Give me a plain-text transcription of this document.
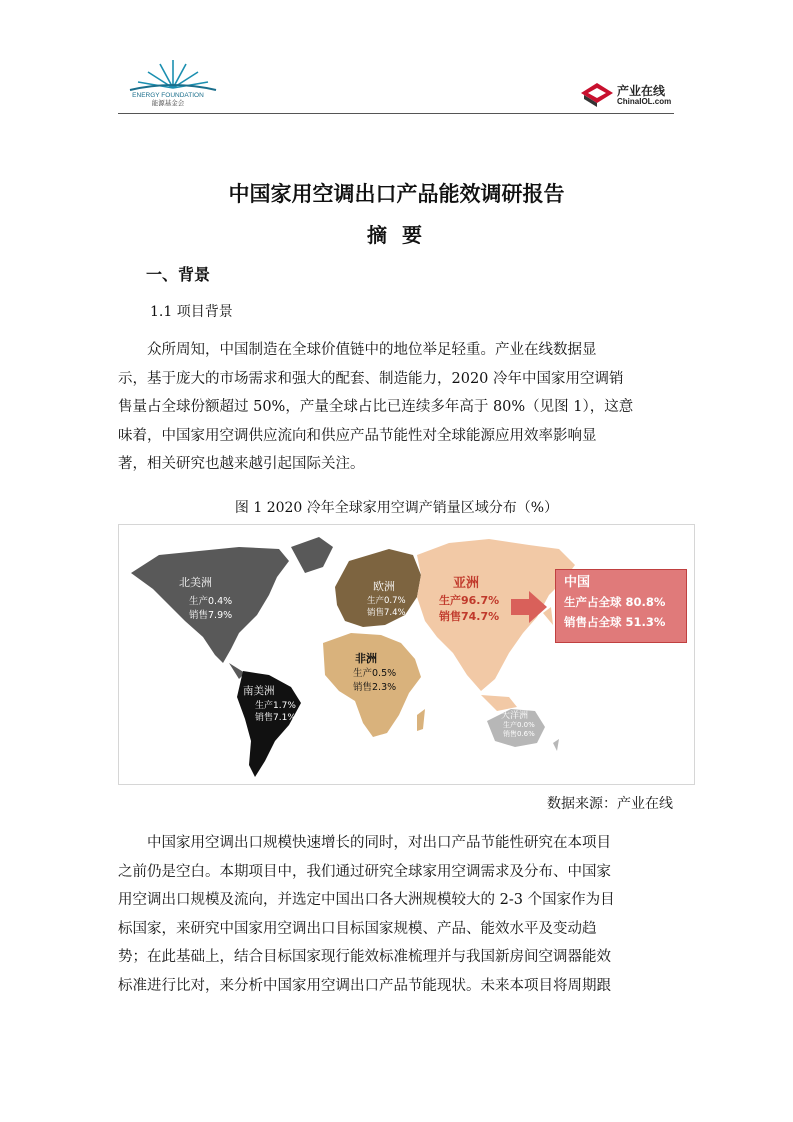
ENERGY FOUNDATION
能源基金会
产业在线
ChinaIOL.com
中国家用空调出口产品能效调研报告
摘 要
一、背景
1.1 项目背景
众所周知，中国制造在全球价值链中的地位举足轻重。产业在线数据显
示，基于庞大的市场需求和强大的配套、制造能力，2020 冷年中国家用空调销
售量占全球份额超过 50%，产量全球占比已连续多年高于 80%（见图 1），这意
味着，中国家用空调供应流向和供应产品节能性对全球能源应用效率影响显
著，相关研究也越来越引起国际关注。
图 1 2020 冷年全球家用空调产销量区域分布（%）
中国
生产占全球 80.8%
销售占全球 51.3%
北美洲
生产0.4%
销售7.9%
欧洲
生产0.7%
销售7.4%
亚洲
生产96.7%
销售74.7%
非洲
生产0.5%
销售2.3%
南美洲
生产1.7%
销售7.1%	大洋洲
生产0.0%
销售0.6%
数据来源：产业在线
中国家用空调出口规模快速增长的同时，对出口产品节能性研究在本项目
之前仍是空白。本期项目中，我们通过研究全球家用空调需求及分布、中国家
用空调出口规模及流向，并选定中国出口各大洲规模较大的 2-3 个国家作为目
标国家，来研究中国家用空调出口目标国家规模、产品、能效水平及变动趋
势；在此基础上，结合目标国家现行能效标准梳理并与我国新房间空调器能效
标准进行比对，来分析中国家用空调出口产品节能现状。未来本项目将周期跟
